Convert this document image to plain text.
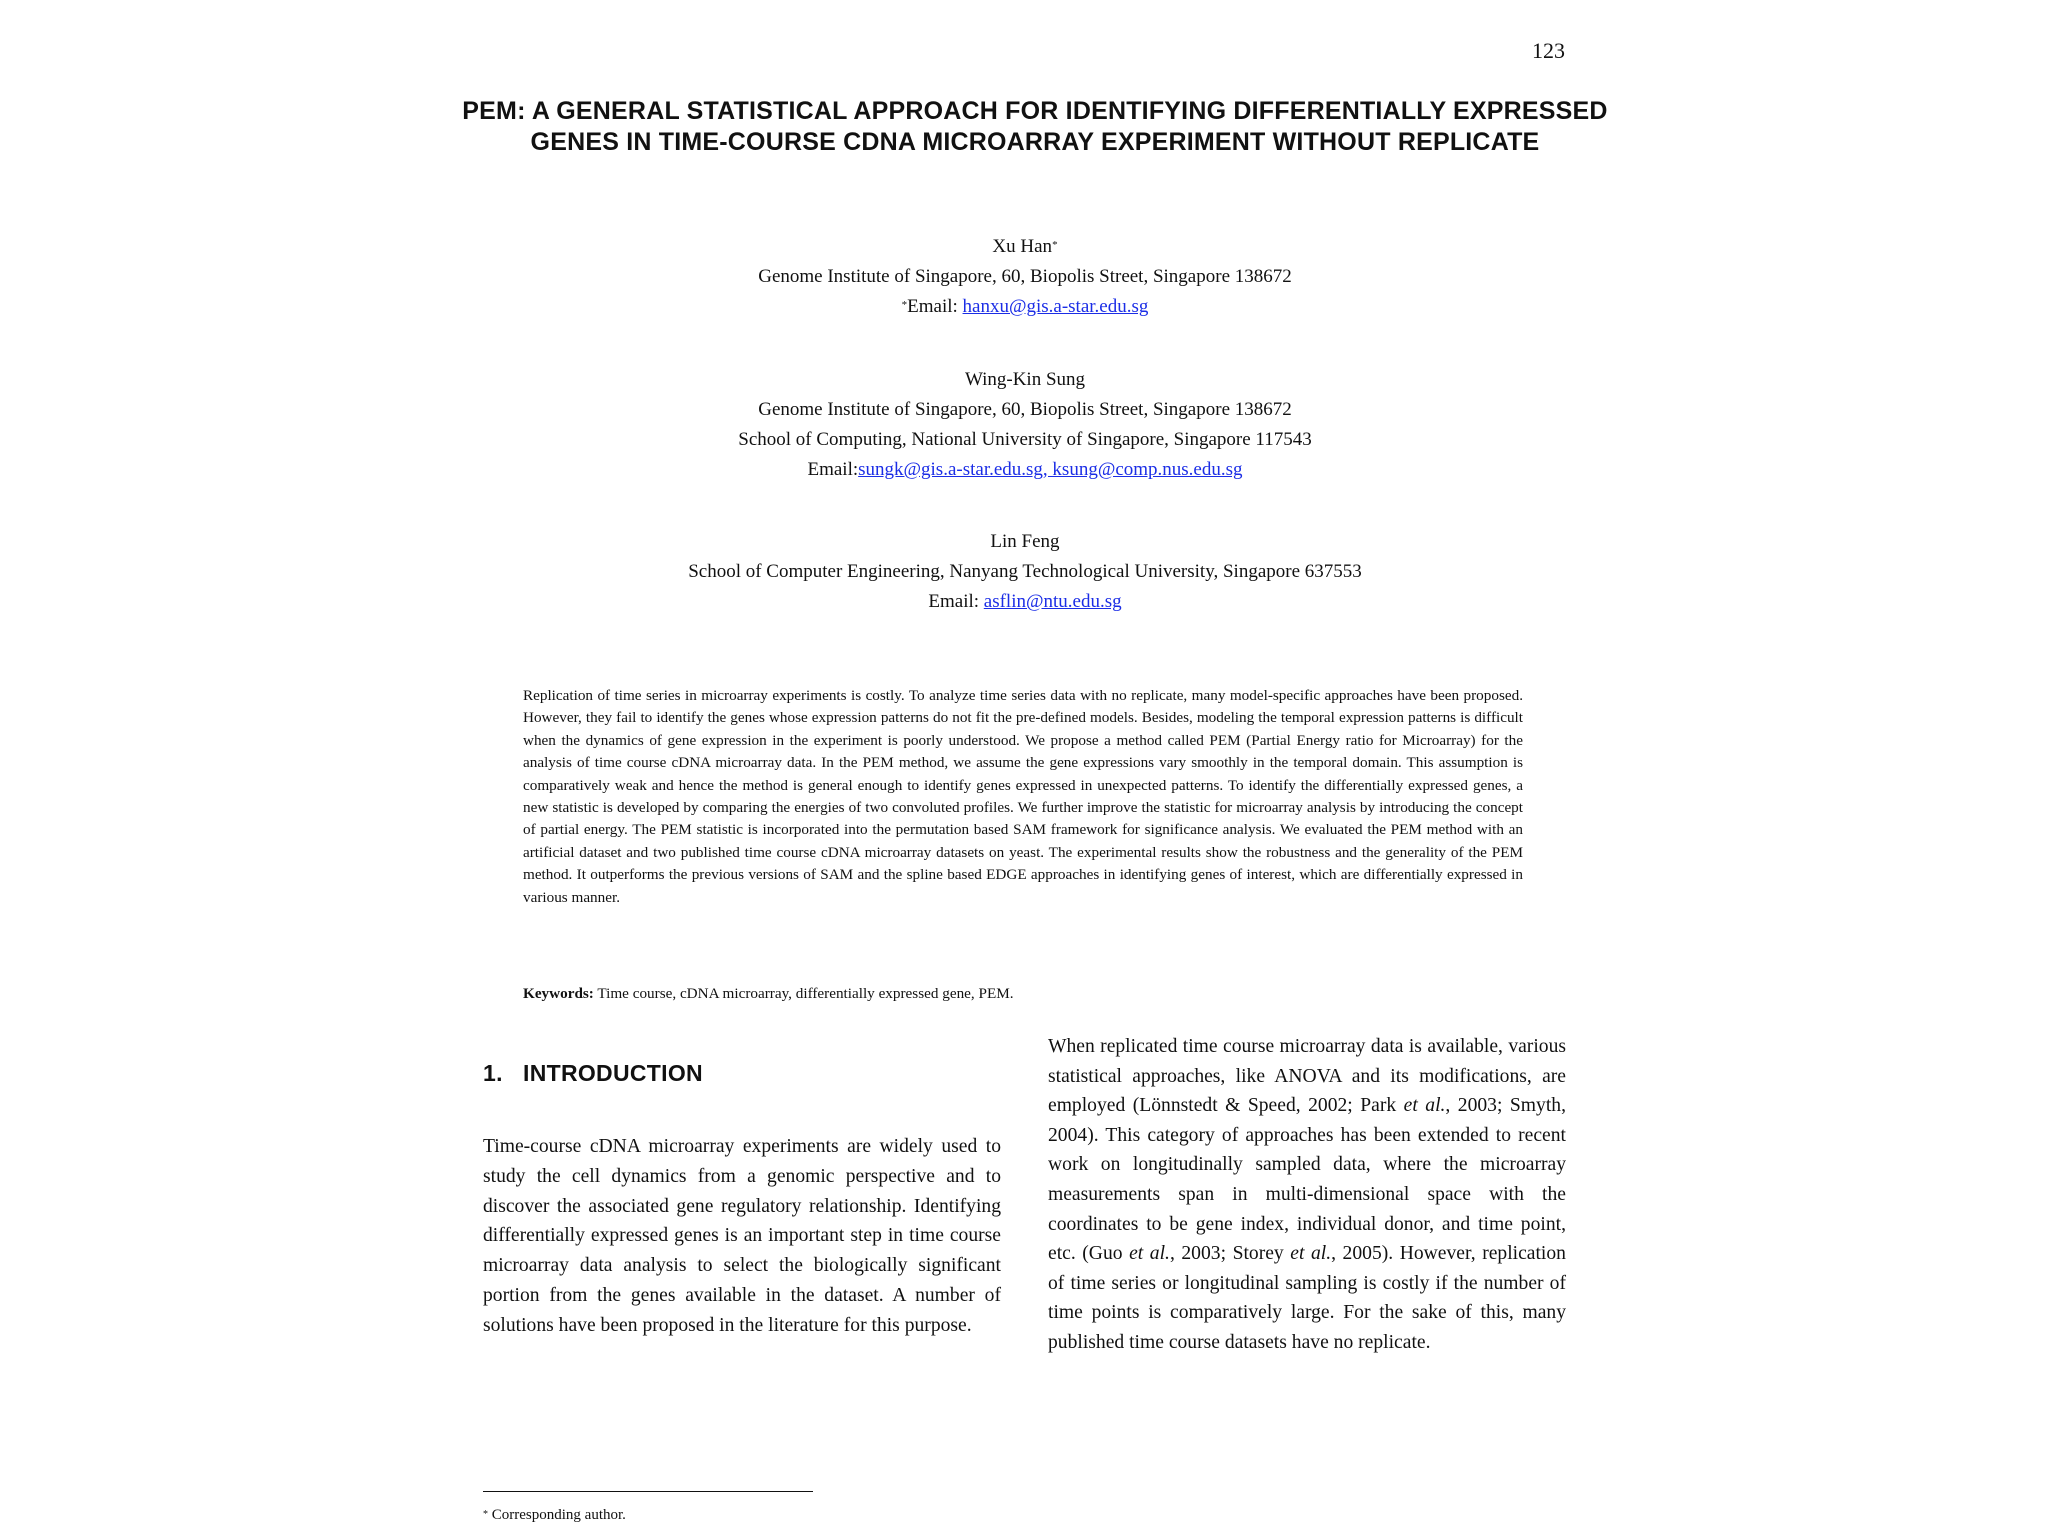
123
PEM: A GENERAL STATISTICAL APPROACH FOR IDENTIFYING DIFFERENTIALLY EXPRESSED GENES IN TIME-COURSE CDNA MICROARRAY EXPERIMENT WITHOUT REPLICATE
Xu Han*
Genome Institute of Singapore, 60, Biopolis Street, Singapore 138672
*Email: hanxu@gis.a-star.edu.sg
Wing-Kin Sung
Genome Institute of Singapore, 60, Biopolis Street, Singapore 138672
School of Computing, National University of Singapore, Singapore 117543
Email:sungk@gis.a-star.edu.sg, ksung@comp.nus.edu.sg
Lin Feng
School of Computer Engineering, Nanyang Technological University, Singapore 637553
Email: asflin@ntu.edu.sg
Replication of time series in microarray experiments is costly. To analyze time series data with no replicate, many model-specific approaches have been proposed. However, they fail to identify the genes whose expression patterns do not fit the pre-defined models. Besides, modeling the temporal expression patterns is difficult when the dynamics of gene expression in the experiment is poorly understood. We propose a method called PEM (Partial Energy ratio for Microarray) for the analysis of time course cDNA microarray data. In the PEM method, we assume the gene expressions vary smoothly in the temporal domain. This assumption is comparatively weak and hence the method is general enough to identify genes expressed in unexpected patterns. To identify the differentially expressed genes, a new statistic is developed by comparing the energies of two convoluted profiles. We further improve the statistic for microarray analysis by introducing the concept of partial energy. The PEM statistic is incorporated into the permutation based SAM framework for significance analysis. We evaluated the PEM method with an artificial dataset and two published time course cDNA microarray datasets on yeast. The experimental results show the robustness and the generality of the PEM method. It outperforms the previous versions of SAM and the spline based EDGE approaches in identifying genes of interest, which are differentially expressed in various manner.
Keywords: Time course, cDNA microarray, differentially expressed gene, PEM.
1. INTRODUCTION
Time-course cDNA microarray experiments are widely used to study the cell dynamics from a genomic perspective and to discover the associated gene regulatory relationship. Identifying differentially expressed genes is an important step in time course microarray data analysis to select the biologically significant portion from the genes available in the dataset. A number of solutions have been proposed in the literature for this purpose.
When replicated time course microarray data is available, various statistical approaches, like ANOVA and its modifications, are employed (Lönnstedt & Speed, 2002; Park et al., 2003; Smyth, 2004). This category of approaches has been extended to recent work on longitudinally sampled data, where the microarray measurements span in multi-dimensional space with the coordinates to be gene index, individual donor, and time point, etc. (Guo et al., 2003; Storey et al., 2005). However, replication of time series or longitudinal sampling is costly if the number of time points is comparatively large. For the sake of this, many published time course datasets have no replicate.
* Corresponding author.
